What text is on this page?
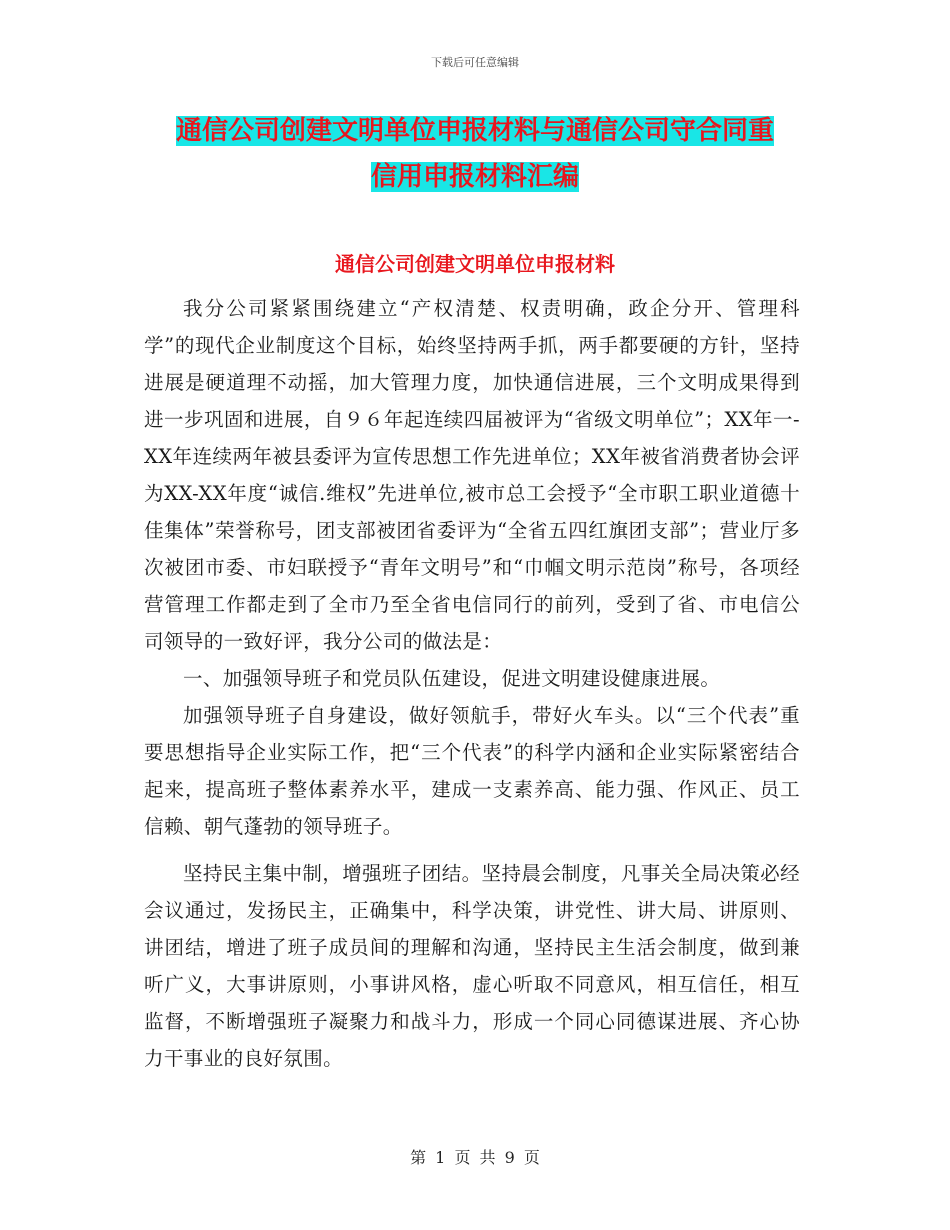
下载后可任意编辑
通信公司创建文明单位申报材料与通信公司守合同重
信用申报材料汇编
通信公司创建文明单位申报材料

我分公司紧紧围绕建立“产权清楚、权责明确，政企分开、管理科学”的现代企业制度这个目标，始终坚持两手抓，两手都要硬的方针，坚持进展是硬道理不动摇，加大管理力度，加快通信进展，三个文明成果得到进一步巩固和进展，自９６年起连续四届被评为“省级文明单位”；XX年一-XX年连续两年被县委评为宣传思想工作先进单位；XX年被省消费者协会评为XX-XX年度“诚信.维权”先进单位,被市总工会授予“全市职工职业道德十佳集体”荣誉称号，团支部被团省委评为“全省五四红旗团支部”；营业厅多次被团市委、市妇联授予“青年文明号”和“巾帼文明示范岗”称号，各项经营管理工作都走到了全市乃至全省电信同行的前列，受到了省、市电信公司领导的一致好评，我分公司的做法是：

一、加强领导班子和党员队伍建设，促进文明建设健康进展。

加强领导班子自身建设，做好领航手，带好火车头。以“三个代表”重要思想指导企业实际工作，把“三个代表”的科学内涵和企业实际紧密结合起来，提高班子整体素养水平，建成一支素养高、能力强、作风正、员工信赖、朝气蓬勃的领导班子。

坚持民主集中制，增强班子团结。坚持晨会制度，凡事关全局决策必经会议通过，发扬民主，正确集中，科学决策，讲党性、讲大局、讲原则、讲团结，增进了班子成员间的理解和沟通，坚持民主生活会制度，做到兼听广义，大事讲原则，小事讲风格，虚心听取不同意风，相互信任，相互监督，不断增强班子凝聚力和战斗力，形成一个同心同德谋进展、齐心协力干事业的良好氛围。

第 1 页 共 9 页
